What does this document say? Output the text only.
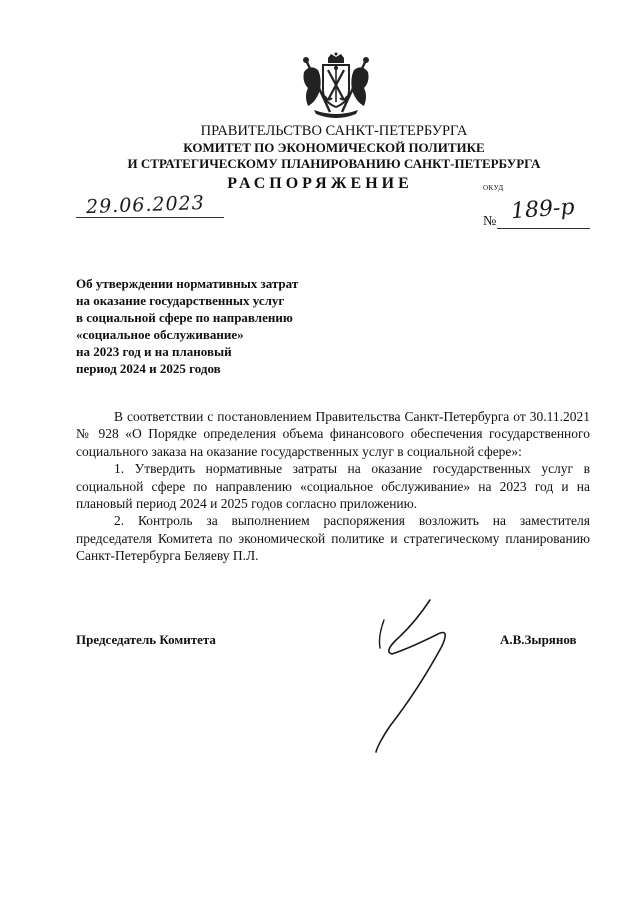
ПРАВИТЕЛЬСТВО САНКТ-ПЕТЕРБУРГА
КОМИТЕТ ПО ЭКОНОМИЧЕСКОЙ ПОЛИТИКЕ
И СТРАТЕГИЧЕСКОМУ ПЛАНИРОВАНИЮ САНКТ-ПЕТЕРБУРГА
РАСПОРЯЖЕНИЕ	ОКУД
29.06.2023
№ 189-р
Об утверждении нормативных затрат
на оказание государственных услуг
в социальной сфере по направлению
«социальное обслуживание»
на 2023 год и на плановый
период 2024 и 2025 годов

В соответствии с постановлением Правительства Санкт-Петербурга от 30.11.2021 № 928 «О Порядке определения объема финансового обеспечения государственного социального заказа на оказание государственных услуг в социальной сфере»:

1. Утвердить нормативные затраты на оказание государственных услуг в социальной сфере по направлению «социальное обслуживание» на 2023 год и на плановый период 2024 и 2025 годов согласно приложению.

2. Контроль за выполнением распоряжения возложить на заместителя председателя Комитета по экономической политике и стратегическому планированию Санкт-Петербурга Беляеву П.Л.

Председатель Комитета	А.В.Зырянов
